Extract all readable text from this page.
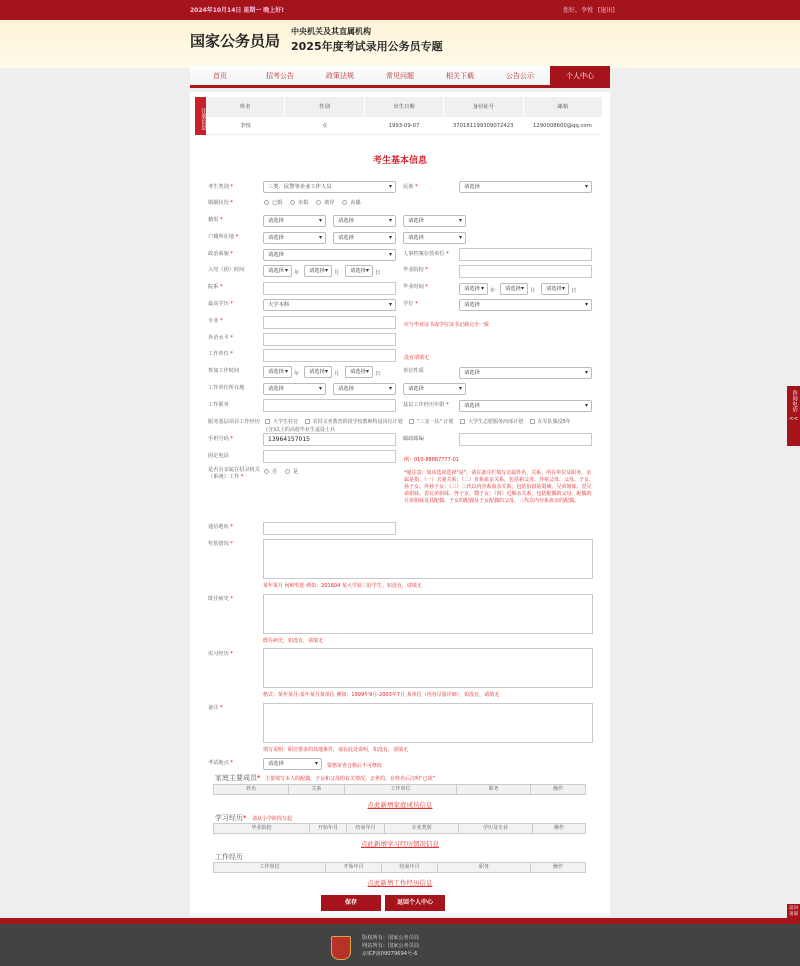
2024年10月14日 星期一 晚上好!	您好，李悦 [退出]
国家公务员局
中央机关及其直属机构
2025年度考试录用公务员专题
首页	招考公告	政策法规	常见问题	相关下载	公告公示	个人中心
注册信息
姓名	性别	出生日期	身份证号	邮箱
李悦	女	1993-09-07	370181199309072423	1290008600@qq.com
考生基本信息
考生类别 *	三类、民警等企业工作人员 ▾	民族 *	请选择 ▾
婚姻状况 *	已婚	未婚	离异	丧偶
籍贯 *	请选择 ▾	请选择 ▾	请选择 ▾
户籍所在地 *	请选择 ▾	请选择 ▾	请选择 ▾
政治面貌 *	请选择 ▾	人事档案存放单位 *
入党（团）时间	请选择 ▾	年	请选择 ▾	月	请选择 ▾	日	毕业院校 *
院系 *	毕业时间 *	请选择 ▾	年	请选择 ▾	月	请选择 ▾	日
最高学历 *	大学本科 ▾	学位 *	请选择 ▾
专业 *
应与毕业证书或学位证书记载完全一致
外语水平 *
工作单位 *
没有请填无
参加工作时间	请选择 ▾	年	请选择 ▾	月	请选择 ▾	日	单位性质	请选择 ▾
工作单位所在地	请选择 ▾	请选择 ▾	请选择 ▾
工作职务	基层工作经历年限 *	请选择 ▾
服务基层项目工作经历	大学生村官	农村义务教育阶段学校教师特设岗位计划	"三支一扶" 计划	大学生志愿服务西部计划	在军队服役5年
(含)以上的高校毕业生退役士兵
手机号码 *	13964157015	邮政邮编
固定电话
例：010-88887777-01
是否有亲属在招录机关（系统）工作 *
否	是	*通注意：如该选项选择"是"，请在备注栏填写亲属姓名、关系、所在单位及职务。亲属是指：（一）夫妻关系；（二）直系血亲关系，包括祖父母、外祖父母、父母、子女、孙子女、外孙子女；（三）三代以内旁系血亲关系，包括伯叔姑舅姨、兄弟姐妹、堂兄弟姐妹、表兄弟姐妹、侄子女、甥子女；（四）近姻亲关系，包括配偶的父母、配偶的兄弟姐妹及其配偶、子女的配偶及子女配偶的父母、三代以内旁系血亲的配偶。
通信地址 *
奖惩情况 *
某年某月 何种奖惩 例如：201604 某大学获三好学生。如没有，请填无
既往病史 *
既往病史，如没有，请填无
实习经历 *
格式：某年某月-某年某月某单位 例如：1999年9月-2003年7月 某单位（内容尽量详细），如没有，请填无
备注 *
填写说明：职位要求的其他条件，请在此处说明，如没有，请填无
考试地点 *	请选择 ▾	资格审查合格后不可修改
家庭主要成员* 主要填写本人的配偶、子女和父母的有关情况，去世的，在姓名后注明“已故”
姓名	关系	工作单位	职务	操作
点此新增家庭成员信息
学习经历* 请从小学阶段写起
毕业院校	开始年月	结束年月	专业类别	学历及专业	操作
点此新增学习经历情况信息
工作经历
工作单位	开始年月	结束年月	职务	操作
点此新增工作经历信息
保存	返回个人中心
版权所有：国家公务员局
网站所有：国家公务员局
京ICP备09079694号-6
咨询电话
<<
返回顶部
